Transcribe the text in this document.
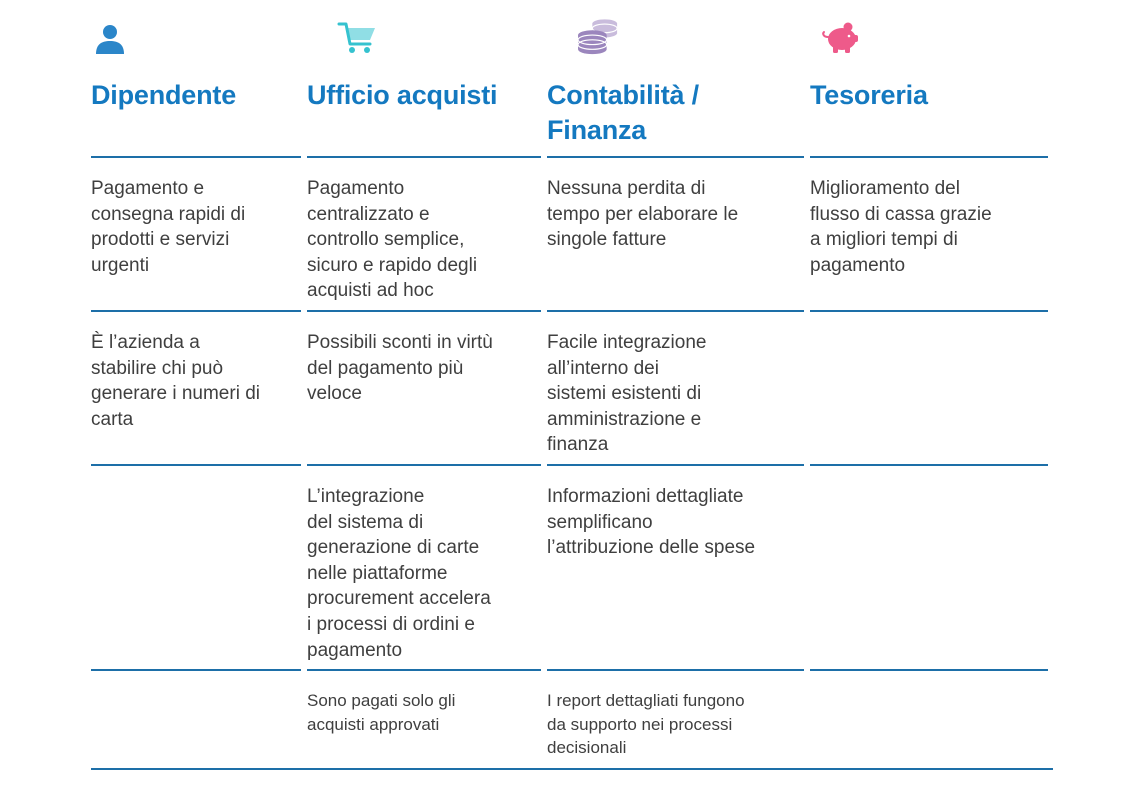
Dipendente
Pagamento e
consegna rapidi di
prodotti e servizi
urgenti
È l’azienda a
stabilire chi può
generare i numeri di
carta
Ufficio acquisti
Pagamento
centralizzato e
controllo semplice,
sicuro e rapido degli
acquisti ad hoc
Possibili sconti in virtù
del pagamento più
veloce
L’integrazione
del sistema di
generazione di carte
nelle piattaforme
procurement accelera
i processi di ordini e
pagamento
Sono pagati solo gli
acquisti approvati
Contabilità /
Finanza
Nessuna perdita di
tempo per elaborare le
singole fatture
Facile integrazione
all’interno dei
sistemi esistenti di
amministrazione e
finanza
Informazioni dettagliate
semplificano
l’attribuzione delle spese
I report dettagliati fungono
da supporto nei processi
decisionali
Tesoreria
Miglioramento del
flusso di cassa grazie
a migliori tempi di
pagamento
